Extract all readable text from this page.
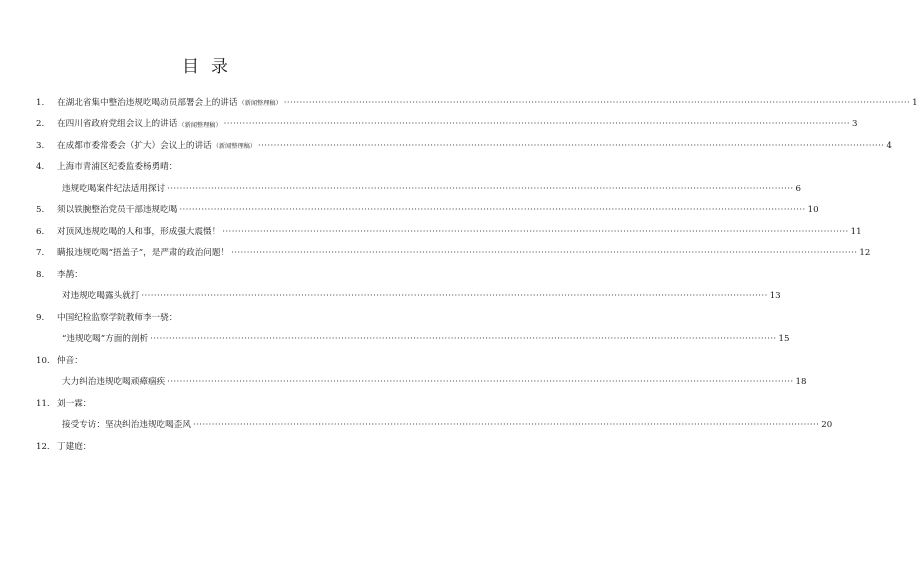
目录
1.	在湖北省集中整治违规吃喝动员部署会上的讲话 （新闻整理稿） ········································································································································································································ 1
2.	在四川省政府党组会议上的讲话 （新闻整理稿） ········································································································································································································ 3
3.	在成都市委常委会（扩大）会议上的讲话 （新闻整理稿） ········································································································································································································ 4
4.	上海市青浦区纪委监委杨勇晴：
违规吃喝案件纪法适用探讨 ········································································································································································································ 6
5.	须以铁腕整治党员干部违规吃喝 ········································································································································································································ 10
6.	对顶风违规吃喝的人和事，形成强大震慑！ ········································································································································································································ 11
7.	瞒报违规吃喝“捂盖子”，是严肃的政治问题！ ········································································································································································································ 12
8.	李鹊：
对违规吃喝露头就打 ········································································································································································································ 13
9.	中国纪检监察学院教师李一骁：
“违规吃喝”方面的剖析 ········································································································································································································ 15
10. 仲音：
大力纠治违规吃喝顽瘴痼疾 ········································································································································································································ 18
11. 刘一霖：
接受专访：坚决纠治违规吃喝歪风 ········································································································································································································ 20
12. 丁建庭：
